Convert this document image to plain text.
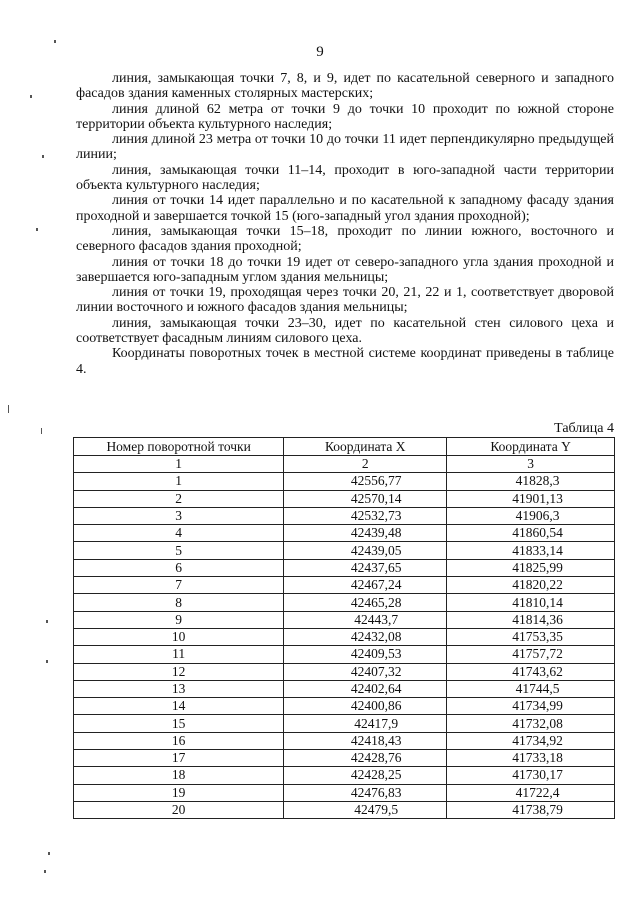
9

линия, замыкающая точки 7, 8, и 9, идет по касательной северного и западного фасадов здания каменных столярных мастерских;

линия длиной 62 метра от точки 9 до точки 10 проходит по южной стороне территории объекта культурного наследия;

линия длиной 23 метра от точки 10 до точки 11 идет перпендикулярно предыдущей линии;

линия, замыкающая точки 11–14, проходит в юго-западной части территории объекта культурного наследия;

линия от точки 14 идет параллельно и по касательной к западному фасаду здания проходной и завершается точкой 15 (юго-западный угол здания проходной);

линия, замыкающая точки 15–18, проходит по линии южного, восточного и северного фасадов здания проходной;

линия от точки 18 до точки 19 идет от северо-западного угла здания проходной и завершается юго-западным углом здания мельницы;

линия от точки 19, проходящая через точки 20, 21, 22 и 1, соответствует дворовой линии восточного и южного фасадов здания мельницы;

линия, замыкающая точки 23–30, идет по касательной стен силового цеха и соответствует фасадным линиям силового цеха.

Координаты поворотных точек в местной системе координат приведены в таблице 4.

Таблица 4
Номер поворотной точки	Координата X	Координата Y
1	2	3
1	42556,77	41828,3
2	42570,14	41901,13
3	42532,73	41906,3
4	42439,48	41860,54
5	42439,05	41833,14
6	42437,65	41825,99
7	42467,24	41820,22
8	42465,28	41810,14
9	42443,7	41814,36
10	42432,08	41753,35
11	42409,53	41757,72
12	42407,32	41743,62
13	42402,64	41744,5
14	42400,86	41734,99
15	42417,9	41732,08
16	42418,43	41734,92
17	42428,76	41733,18
18	42428,25	41730,17
19	42476,83	41722,4
20	42479,5	41738,79
